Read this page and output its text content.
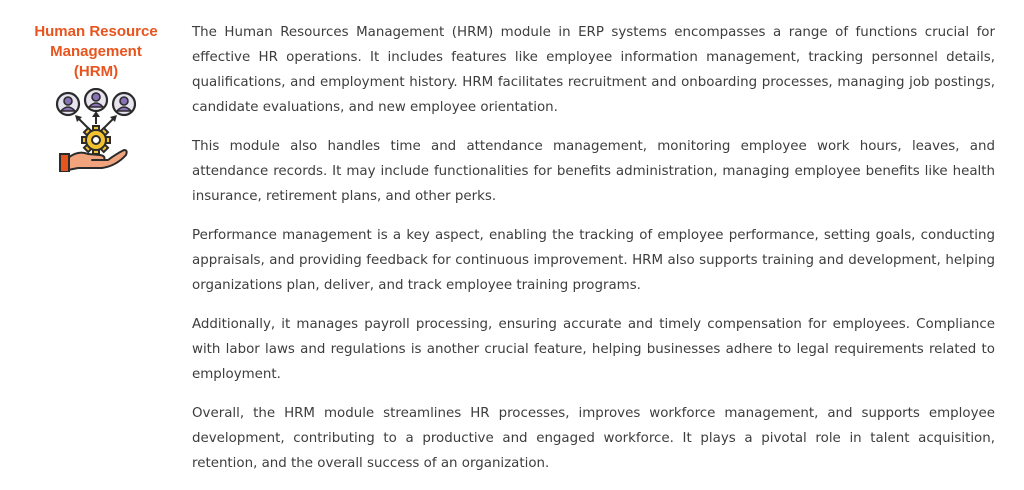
Human Resource
Management
(HRM)

The Human Resources Management (HRM) module in ERP systems encompasses a range of functions crucial for effective HR operations. It includes features like employee information management, tracking personnel details, qualifications, and employment history. HRM facilitates recruitment and onboarding processes, managing job postings, candidate evaluations, and new employee orientation.

This module also handles time and attendance management, monitoring employee work hours, leaves, and attendance records. It may include functionalities for benefits administration, managing employee benefits like health insurance, retirement plans, and other perks.

Performance management is a key aspect, enabling the tracking of employee performance, setting goals, conducting appraisals, and providing feedback for continuous improvement. HRM also supports training and development, helping organizations plan, deliver, and track employee training programs.

Additionally, it manages payroll processing, ensuring accurate and timely compensation for employees. Compliance with labor laws and regulations is another crucial feature, helping businesses adhere to legal requirements related to employment.

Overall, the HRM module streamlines HR processes, improves workforce management, and supports employee development, contributing to a productive and engaged workforce. It plays a pivotal role in talent acquisition, retention, and the overall success of an organization.
